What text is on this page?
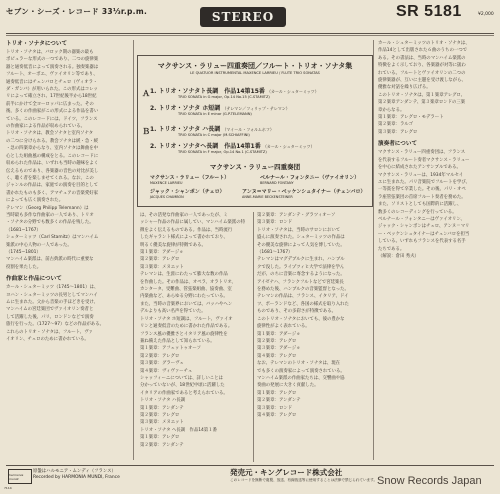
セブン・シーズ・レコード 33⅓r.p.m.	STEREO	SR 5181	¥2,000
トリオ・ソナタについて
トリオ・ソナタは、バロック期の器楽の最も
ポピュラーな形式の一つであり、二つの旋律楽
器と通奏低音によって演奏される。独奏楽器は
フルート、オーボエ、ヴァイオリン等であり、
通奏低音にはチェンバロとチェロ（ヴィオラ・
ダ・ガンバ）が用いられた。この形式はコレッ
リによって確立され、17世紀後半から18世紀
前半にかけて全ヨーロッパに広まった。その
後、多くの作曲家がこの形式による作品を書い
ている。このレコードには、ドイツ、フランス
の作曲家による作品が収められている。
トリオ・ソナタは、教会ソナタと室内ソナタ
の二つに分けられる。教会ソナタは緩・急・緩
・急の四楽章からなり、室内ソナタは舞曲を中
心とした組曲風の構成をとる。このレコードに
収められた作品は、いずれも当時の趣味をよく
伝えるものであり、各楽器の音色の対比が美し
く、聴く者を楽しませてくれる。なお、この
ジャンルの作品は、家庭での演奏を目的として
書かれたものも多く、アマチュアの音楽愛好家
によっても広く演奏された。
テレマン（Georg Philipp Telemann）は
当時最も多作な作曲家の一人であり、トリオ
・ソナタの分野でも数多くの作品を残した。
（1681−1767）
シュターミッツ（Carl Stamitz）はマンハイム
楽派の中心人物の一人であった。
（1745−1801）
マンハイム楽派は、前古典派の時代に重要な
役割を果たした。
作曲家と作品について
カール・シュターミッツ（1745〜1801）は、
ヨハン・シュターミッツの長男としてマンハイ
ムに生まれた。父から音楽の手ほどきを受け、
マンハイムの宮廷楽団でヴァイオリン奏者と
して活躍した後、パリ、ロンドンなどで演奏
旅行を行った。（1727〜97）などの作品がある。
これらのトリオ・ソナタは、フルート、ヴァ
イオリン、チェロのために書かれている。
マクサンス・ラリュー四重奏団／フルート・トリオ・ソナタ集
LE QUATUOR INSTRUMENTAL MAXENCE LARRIEU / FLUTE TRIO SONATAS
Ａ 1. トリオ・ソナタト長調　作品14第15番 （カール・シュターミッツ）
TRIO SONATA in G major, Op.14 No.15 (C.STAMITZ)
2. トリオ・ソナタ ホ短調 （テレマン／フィリップ・テレマン）
TRIO SONATA in E minor (G.P.TELEMANN)
Ｂ 1. トリオ・ソナタ ハ長調 （マイール・フォルムホフ）
TRIO SONATA in C major (M.SCHIAFFINI)
2. トリオ・ソナタヘ長調　作品14第1番 （カール・シュターミッツ）
TRIO SONATA in F major, Op.14 No.1 (C.STAMITZ)
マクサンス・ラリュー四重奏団
マクサンス・ラリュー（フルート）
MAXENCE LARRIEU
ベルナール・フォンタニー（ヴァイオリン）
BERNARD FONTANY
ジャック・シャンボン（チェロ）
JACQUES CHAMBON
アンヌ＝マリー・ベッケンシュタイナー（チェンバロ）
ANNE-MARIE BECKENSTEINER
は、その活発な作曲家の一人であったが、ミ
ッシャー作品の作品に属してい、マンハイム楽派の特
徴をよく伝えるものである。作品は、当時流行
したギャラント様式によって書かれており、
明るく優美な旋律が特徴である。
第１楽章：アダージョ
第２楽章：アレグロ
第３楽章：メヌエット
テレマンは、生涯にわたって膨大な数の作品
を作曲した。その作品は、オペラ、オラトリオ、
カンタータ、受難曲、管弦楽組曲、協奏曲、室
内楽曲など、あらゆる分野にわたっている。
また、当時の音楽界においては、バッハやヘン
デルよりも高い名声を得ていた。
トリオ・ソナタ ホ短調は、フルート、ヴァイオ
リンと通奏低音のために書かれた作品である。
フランス風の優雅さとイタリア風の旋律性を
兼ね備えた作品として知られている。
第１楽章：アフェットゥオーソ
第２楽章：アレグロ
第３楽章：グラーヴェ
第４楽章：ヴィヴァーチェ
シャッフィーニについては、詳しいことは
分かっていないが、18世紀中頃に活躍した
イタリアの作曲家であると考えられている。
トリオ・ソナタ ハ長調
第１楽章：アンダンテ
第２楽章：アレグロ
第３楽章：メヌエット
トリオ・ソナタ ヘ長調　作品14第１番
第１楽章：アレグロ
第２楽章：アンダンテ
第２楽章：アンダンテ・グラツィオーソ
第３楽章：ロンド
トリオ・ソナタは、当時のサロンにおいて
盛んに演奏された。シュターミッツの作品は
その優美な旋律によって人気を博していた。
（1681〜1767）
テレマンはマグデブルクに生まれ、ハンブル
クで没した。ライプツィヒ大学で法律を学ん
だが、のちに音楽に専念するようになった。
アイゼナハ、フランクフルトなどで宮廷楽長
を務めた後、ハンブルクの音楽監督となった。
テレマンの作品は、フランス、イタリア、ドイ
ツ、ポーランドなど、各国の様式を取り入れた
ものであり、その多彩さが特徴である。
このトリオ・ソナタにおいても、彼の豊かな
旋律性がよく表れている。
第１楽章：アダージョ
第２楽章：アレグロ
第３楽章：アダージョ
第４楽章：アレグロ
なお、テレマンのトリオ・ソナタは、現在
でも多くの演奏家によって演奏されている。
マンハイム楽派の作曲家たちは、交響曲や協
奏曲の発展に大きく貢献した。
第１楽章：アレグロ
第２楽章：アンダンテ
第３楽章：ロンド
第４楽章：アレグロ
カール・シュターミッツのトリオ・ソナタは、
作品14として出版された６曲のうちの一つで
ある。その書法は、当時のマンハイム楽派の
特徴をよく示しており、各楽器が対等に扱わ
れている。フルートとヴァイオリンの二つの
旋律楽器が、互いに主題を受け渡しながら、
優雅な対話を繰り広げる。
このトリオ・ソナタは、第１楽章アレグロ、
第２楽章アンダンテ、第３楽章ロンドの三楽
章からなる。
第１楽章：アレグロ・モデラート
第２楽章：ラルゴ
第３楽章：アレグロ
演奏者について
マクサンス・ラリュー四重奏団は、フランス
を代表するフルート奏者マクサンス・ラリュー
を中心に結成されたアンサンブルである。
マクサンス・ラリューは、1934年マルセイ
ユに生まれた。パリ音楽院でフルートを学び、
一等賞を得て卒業した。その後、パリ・オペ
ラ座管弦楽団の首席フルート奏者を務めた。
また、ソリストとしても国際的に活躍し、
数多くのレコーディングを行っている。
ベルナール・フォンタニーはヴァイオリン、
ジャック・シャンボンはチェロ、アンヌ＝マリ
ー・ベッケンシュタイナーはチェンバロを担当
している。いずれもフランスを代表する名手
たちである。
（解説：倉田 秀夫）
harmonia mundi
原盤はハルモニア・ムンディ（フランス）
Recorded by HARMONIA MUNDI, France
発売元・キングレコード株式会社
このレコードを無断で複製、放送、有線放送等に使用することは法律で禁じられています。 Snow Records Japan
7114
